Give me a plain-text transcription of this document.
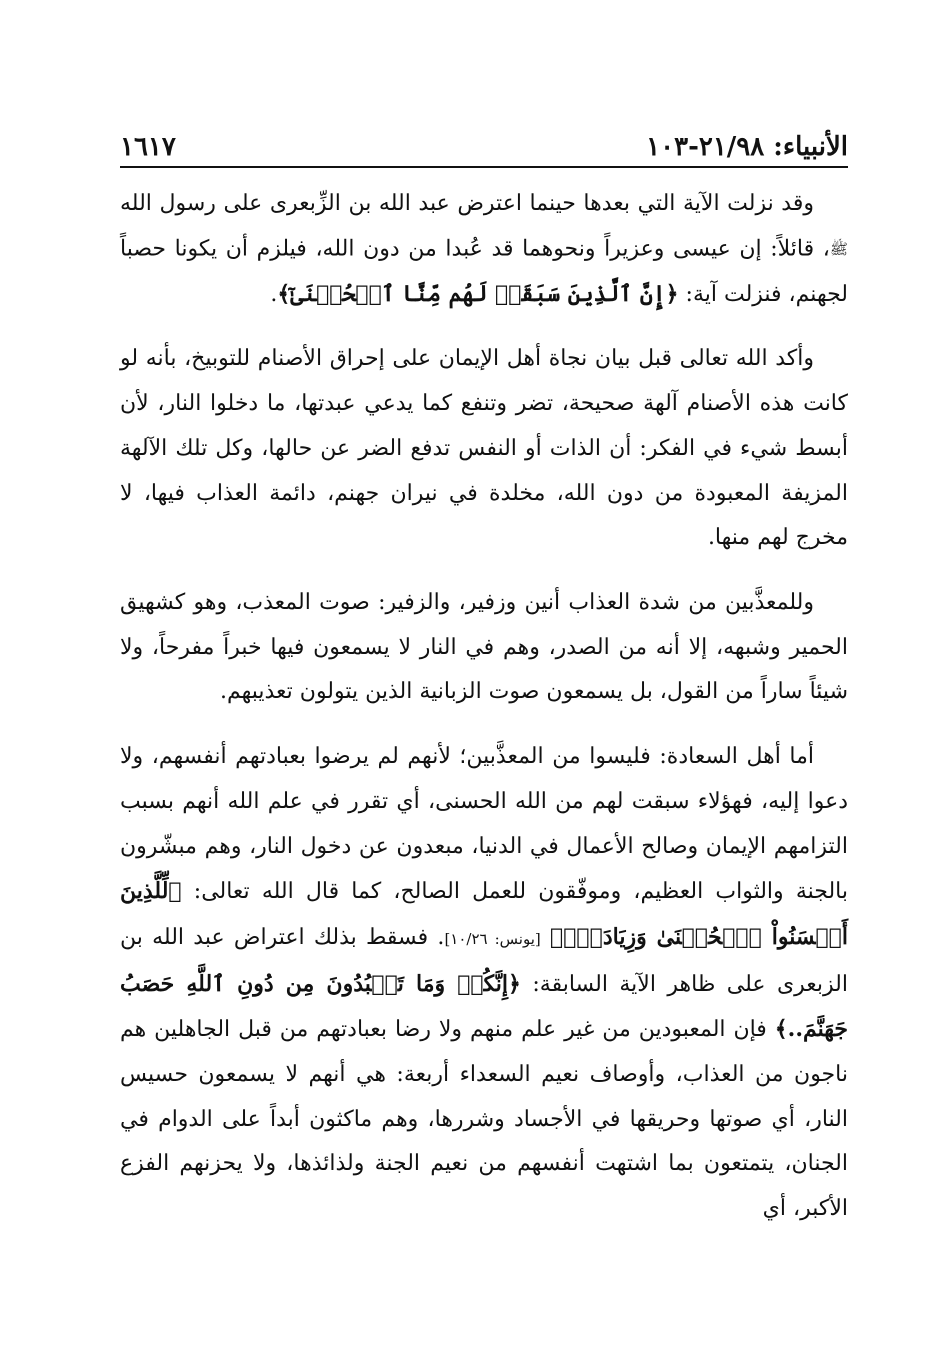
الأنبياء: ٢١/٩٨-١٠٣
١٦١٧

وقد نزلت الآية التي بعدها حينما اعترض عبد الله بن الزِّبعرى على رسول الله ﷺ، قائلاً: إن عيسى وعزيراً ونحوهما قد عُبدا من دون الله، فيلزم أن يكونا حصباً لجهنم، فنزلت آية: ﴿إِنَّ ٱلَّذِينَ سَبَقَتۡ لَهُم مِّنَّا ٱلۡحُسۡنَىٰٓ﴾.

وأكد الله تعالى قبل بيان نجاة أهل الإيمان على إحراق الأصنام للتوبيخ، بأنه لو كانت هذه الأصنام آلهة صحيحة، تضر وتنفع كما يدعي عبدتها، ما دخلوا النار، لأن أبسط شيء في الفكر: أن الذات أو النفس تدفع الضر عن حالها، وكل تلك الآلهة المزيفة المعبودة من دون الله، مخلدة في نيران جهنم، دائمة العذاب فيها، لا مخرج لهم منها.

وللمعذَّبين من شدة العذاب أنين وزفير، والزفير: صوت المعذب، وهو كشهيق الحمير وشبهه، إلا أنه من الصدر، وهم في النار لا يسمعون فيها خبراً مفرحاً، ولا شيئاً ساراً من القول، بل يسمعون صوت الزبانية الذين يتولون تعذيبهم.

أما أهل السعادة: فليسوا من المعذَّبين؛ لأنهم لم يرضوا بعبادتهم أنفسهم، ولا دعوا إليه، فهؤلاء سبقت لهم من الله الحسنى، أي تقرر في علم الله أنهم بسبب التزامهم الإيمان وصالح الأعمال في الدنيا، مبعدون عن دخول النار، وهم مبشّرون بالجنة والثواب العظيم، وموفّقون للعمل الصالح، كما قال الله تعالى: ﴿لِّلَّذِينَ أَحۡسَنُواْ ٱلۡحُسۡنَىٰ وَزِيَادَةٞۖ﴾ [يونس: ١٠/٢٦]. فسقط بذلك اعتراض عبد الله بن الزبعرى على ظاهر الآية السابقة: ﴿إِنَّكُمۡ وَمَا تَعۡبُدُونَ مِن دُونِ ٱللَّهِ حَصَبُ جَهَنَّمَ..﴾ فإن المعبودين من غير علم منهم ولا رضا بعبادتهم من قبل الجاهلين هم ناجون من العذاب، وأوصاف نعيم السعداء أربعة: هي أنهم لا يسمعون حسيس النار، أي صوتها وحريقها في الأجساد وشررها، وهم ماكثون أبداً على الدوام في الجنان، يتمتعون بما اشتهت أنفسهم من نعيم الجنة ولذائذها، ولا يحزنهم الفزع الأكبر، أي
